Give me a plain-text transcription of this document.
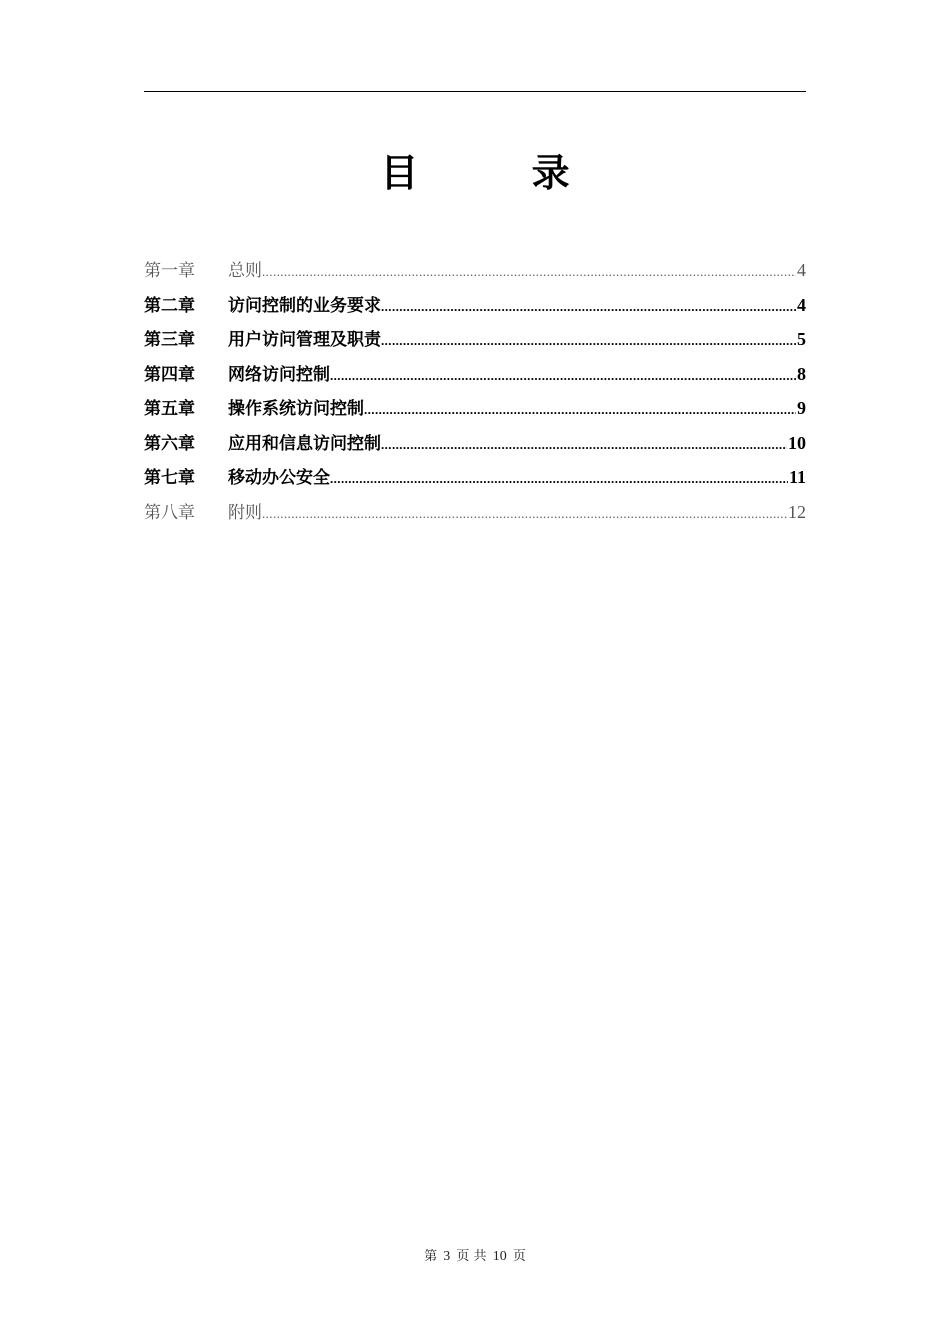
目 录
第一章	总则 .....	4
第二章	访问控制的业务要求 .....	4
第三章	用户访问管理及职责 .....	5
第四章	网络访问控制 .....	8
第五章	操作系统访问控制 .....	9
第六章	应用和信息访问控制 .....	10
第七章	移动办公安全 .....	11
第八章	附则 .....	12
第 3 页 共 10 页
